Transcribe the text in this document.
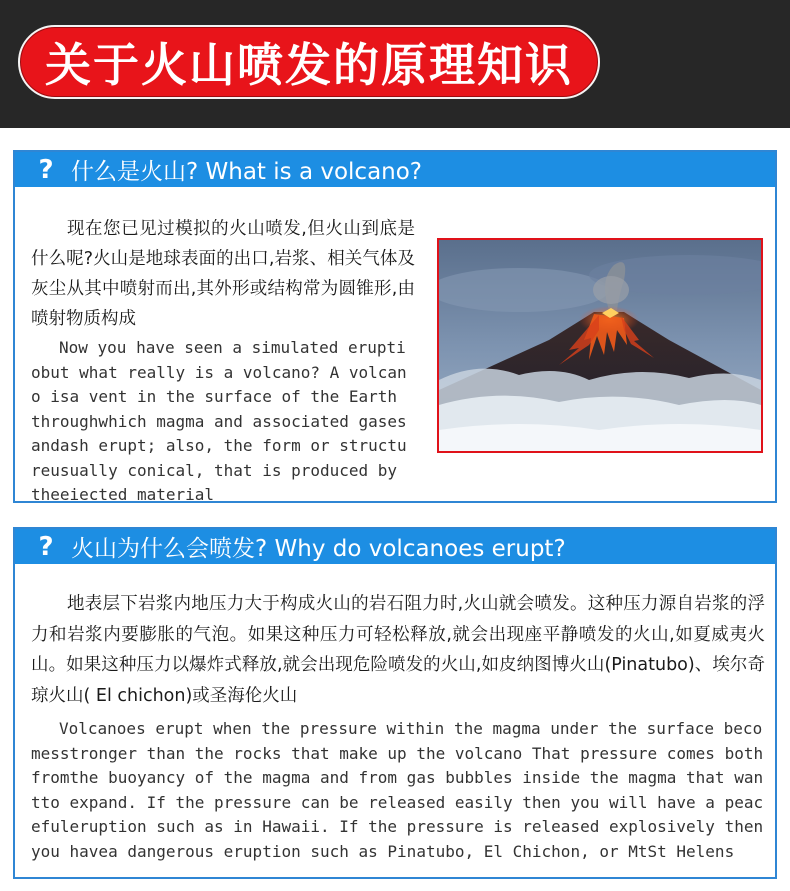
关于火山喷发的原理知识
? 什么是火山? What is a volcano?

现在您已见过模拟的火山喷发,但火山到底是什么呢?火山是地球表面的出口,岩浆、相关气体及灰尘从其中喷射而出,其外形或结构常为圆锥形,由喷射物质构成

Now you have seen a simulated eruptiobut what really is a volcano? A volcano isa vent in the surface of the Earth throughwhich magma and associated gases andash erupt; also, the form or structureusually conical, that is produced by theeiected material

? 火山为什么会喷发? Why do volcanoes erupt?

地表层下岩浆内地压力大于构成火山的岩石阻力时,火山就会喷发。这种压力源自岩浆的浮力和岩浆内要膨胀的气泡。如果这种压力可轻松释放,就会出现座平静喷发的火山,如夏威夷火山。如果这种压力以爆炸式释放,就会出现危险喷发的火山,如皮纳图博火山(Pinatubo)、埃尔奇琼火山( El chichon)或圣海伦火山

Volcanoes erupt when the pressure within the magma under the surface becomesstronger than the rocks that make up the volcano That pressure comes both fromthe buoyancy of the magma and from gas bubbles inside the magma that wantto expand. If the pressure can be released easily then you will have a peacefuleruption such as in Hawaii. If the pressure is released explosively then you havea dangerous eruption such as Pinatubo, El Chichon, or MtSt Helens
